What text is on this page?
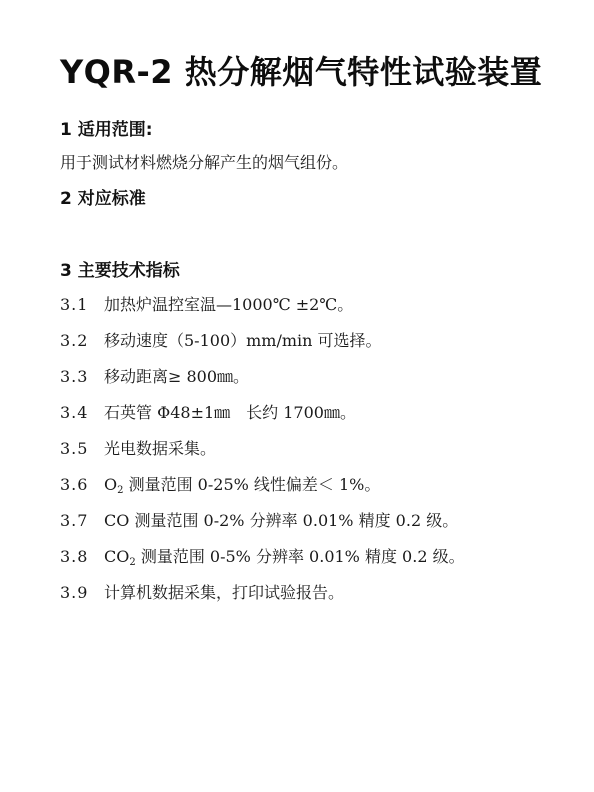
YQR-2 热分解烟气特性试验装置
1 适用范围:
用于测试材料燃烧分解产生的烟气组份。
2 对应标准
3 主要技术指标
3.1 加热炉温控室温—1000℃ ±2℃。
3.2 移动速度（5-100）mm/min 可选择。
3.3 移动距离≥ 800㎜。
3.4 石英管 Φ48±1㎜　长约 1700㎜。
3.5 光电数据采集。
3.6 $O_2$ 测量范围 0-25% 线性偏差＜ 1%。
3.7 CO 测量范围 0-2% 分辨率 0.01% 精度 0.2 级。
3.8 $CO_2$ 测量范围 0-5% 分辨率 0.01% 精度 0.2 级。
3.9 计算机数据采集，打印试验报告。
